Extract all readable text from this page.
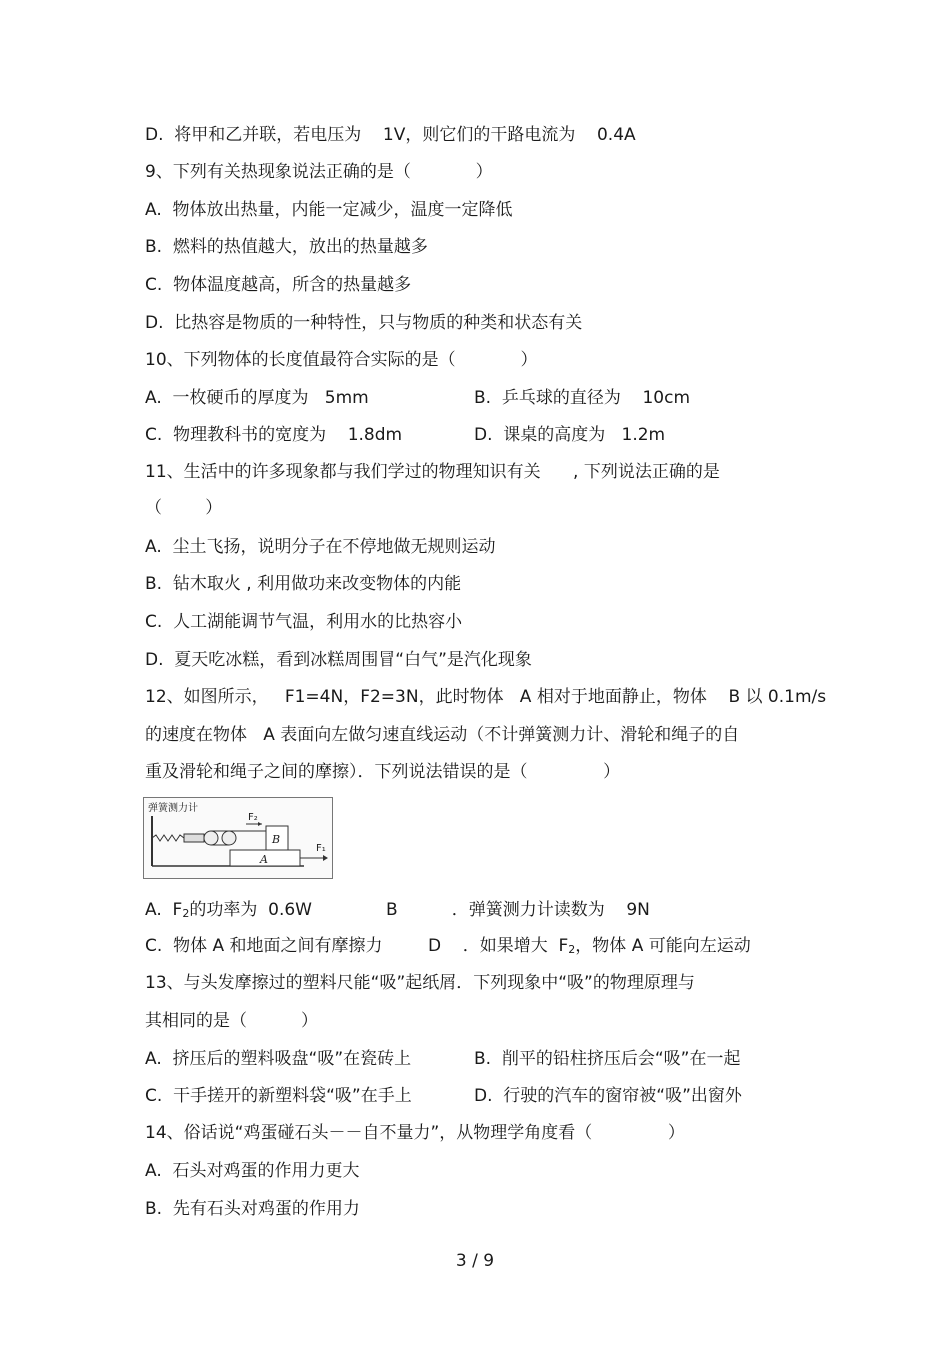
D.  将甲和乙并联，若电压为    1V，则它们的干路电流为    0.4A
9、下列有关热现象说法正确的是（            ）
A.  物体放出热量，内能一定减少，温度一定降低
B.  燃料的热值越大，放出的热量越多
C.  物体温度越高，所含的热量越多
D.  比热容是物质的一种特性，只与物质的种类和状态有关
10、下列物体的长度值最符合实际的是（            ）
A.  一枚硬币的厚度为   5mm	B.  乒乓球的直径为    10cm
C.  物理教科书的宽度为    1.8dm	D.  课桌的高度为   1.2m
11、生活中的许多现象都与我们学过的物理知识有关      , 下列说法正确的是
（        ）
A.  尘土飞扬，说明分子在不停地做无规则运动
B.  钻木取火 , 利用做功来改变物体的内能
C.  人工湖能调节气温，利用水的比热容小
D.  夏天吃冰糕，看到冰糕周围冒“白气”是汽化现象
12、如图所示，   F1=4N，F2=3N，此时物体   A 相对于地面静止，物体    B 以 0.1m/s
的速度在物体   A 表面向左做匀速直线运动（不计弹簧测力计、滑轮和绳子的自
重及滑轮和绳子之间的摩擦）．下列说法错误的是（              ）
弹簧测力计
F₂
B
A
F₁
A.  F2的功率为  0.6W	B          ．弹簧测力计读数为    9N
C.  物体 A 和地面之间有摩擦力	D    ．如果增大  F2，物体 A 可能向左运动
13、与头发摩擦过的塑料尺能“吸”起纸屑．下列现象中“吸”的物理原理与
其相同的是（          ）
A.  挤压后的塑料吸盘“吸”在瓷砖上	B.  削平的铅柱挤压后会“吸”在一起
C.  干手搓开的新塑料袋“吸”在手上	D.  行驶的汽车的窗帘被“吸”出窗外
14、俗话说“鸡蛋碰石头－－自不量力”，从物理学角度看（              ）
A.  石头对鸡蛋的作用力更大
B.  先有石头对鸡蛋的作用力
3 / 9
